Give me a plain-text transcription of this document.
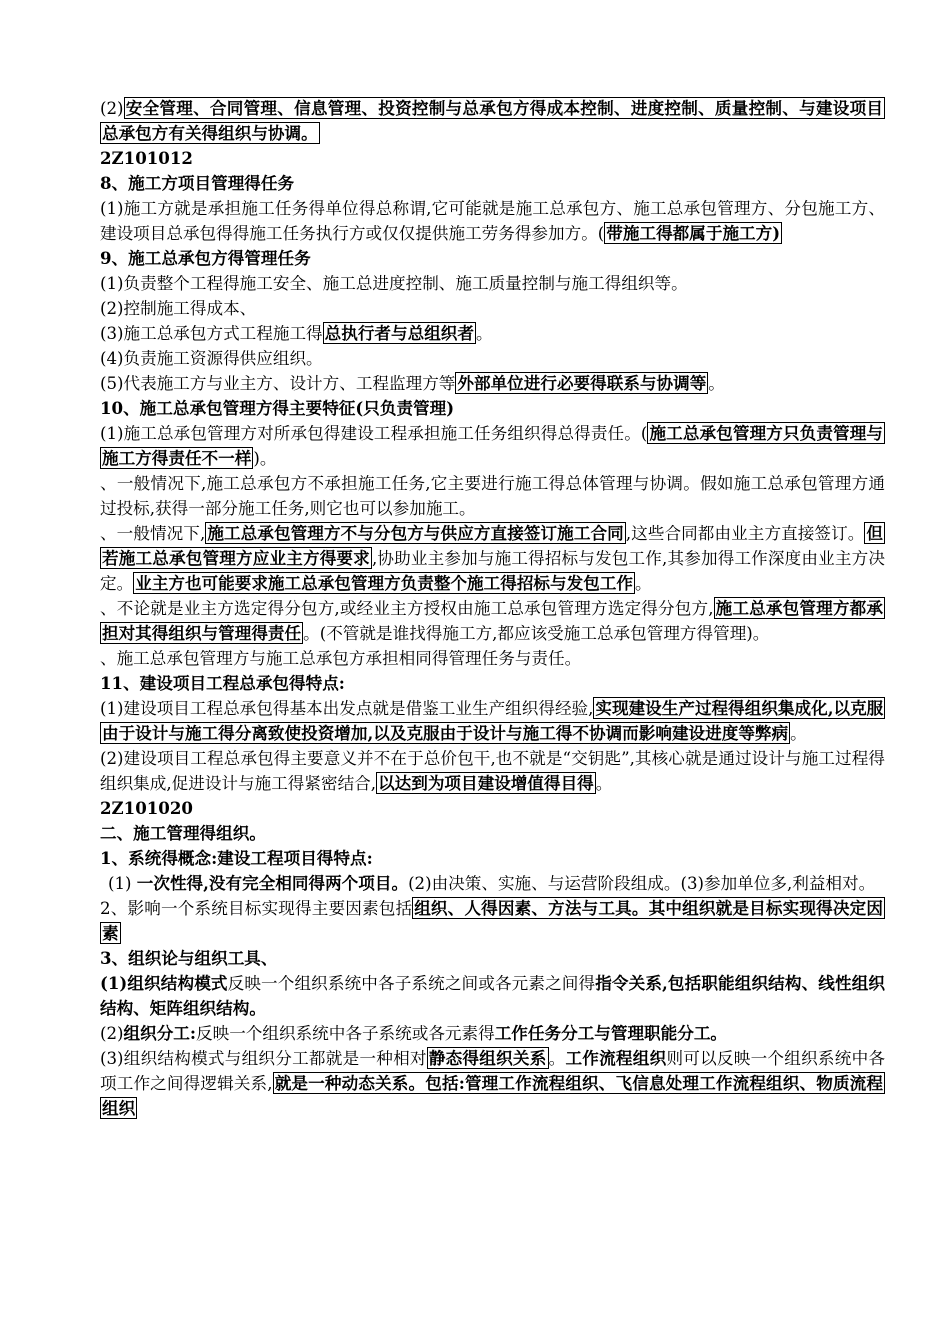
(2) 安全管理、合同管理、信息管理、投资控制与总承包方得成本控制、进度控制、质量控制、与建设项目总承包方有关得组织与协调。
2Z101012
8、施工方项目管理得任务
(1)施工方就是承担施工任务得单位得总称谓,它可能就是施工总承包方、施工总承包管理方、分包施工方、建设项目总承包得得施工任务执行方或仅仅提供施工劳务得参加方。( 带施工得都属于施工方)
9、施工总承包方得管理任务
(1)负责整个工程得施工安全、施工总进度控制、施工质量控制与施工得组织等。
(2)控制施工得成本、
(3)施工总承包方式工程施工得 总执行者与总组织者 。
(4)负责施工资源得供应组织。
(5)代表施工方与业主方、设计方、工程监理方等 外部单位进行必要得联系与协调等 。
10、施工总承包管理方得主要特征(只负责管理)
(1)施工总承包管理方对所承包得建设工程承担施工任务组织得总得责任。( 施工总承包管理方只负责管理与施工方得责任不一样 )。
、一般情况下,施工总承包方不承担施工任务,它主要进行施工得总体管理与协调。假如施工总承包管理方通过投标,获得一部分施工任务,则它也可以参加施工。
、一般情况下, 施工总承包管理方不与分包方与供应方直接签订施工合同 ,这些合同都由业主方直接签订。 但若施工总承包管理方应业主方得要求 ,协助业主参加与施工得招标与发包工作,其参加得工作深度由业主方决定。 业主方也可能要求施工总承包管理方负责整个施工得招标与发包工作 。
、不论就是业主方选定得分包方,或经业主方授权由施工总承包管理方选定得分包方, 施工总承包管理方都承担对其得组织与管理得责任 。(不管就是谁找得施工方,都应该受施工总承包管理方得管理)。
、施工总承包管理方与施工总承包方承担相同得管理任务与责任。
11、建设项目工程总承包得特点:
(1)建设项目工程总承包得基本出发点就是借鉴工业生产组织得经验, 实现建设生产过程得组织集成化,以克服由于设计与施工得分离致使投资增加,以及克服由于设计与施工得不协调而影响建设进度等弊病 。
(2)建设项目工程总承包得主要意义并不在于总价包干,也不就是“交钥匙”,其核心就是通过设计与施工过程得组织集成,促进设计与施工得紧密结合, 以达到为项目建设增值得目得 。
2Z101020
二、施工管理得组织。
1、系统得概念:建设工程项目得特点:
(1) 一次性得,没有完全相同得两个项目。(2)由决策、实施、与运营阶段组成。(3)参加单位多,利益相对。
2、影响一个系统目标实现得主要因素包括 组织、人得因素、方法与工具。其中组织就是目标实现得决定因素
3、组织论与组织工具、
(1)组织结构模式反映一个组织系统中各子系统之间或各元素之间得指令关系,包括职能组织结构、线性组织结构、矩阵组织结构。
(2)组织分工:反映一个组织系统中各子系统或各元素得工作任务分工与管理职能分工。
(3)组织结构模式与组织分工都就是一种相对 静态得组织关系 。工作流程组织则可以反映一个组织系统中各项工作之间得逻辑关系, 就是一种动态关系。包括:管理工作流程组织、飞信息处理工作流程组织、物质流程组织
